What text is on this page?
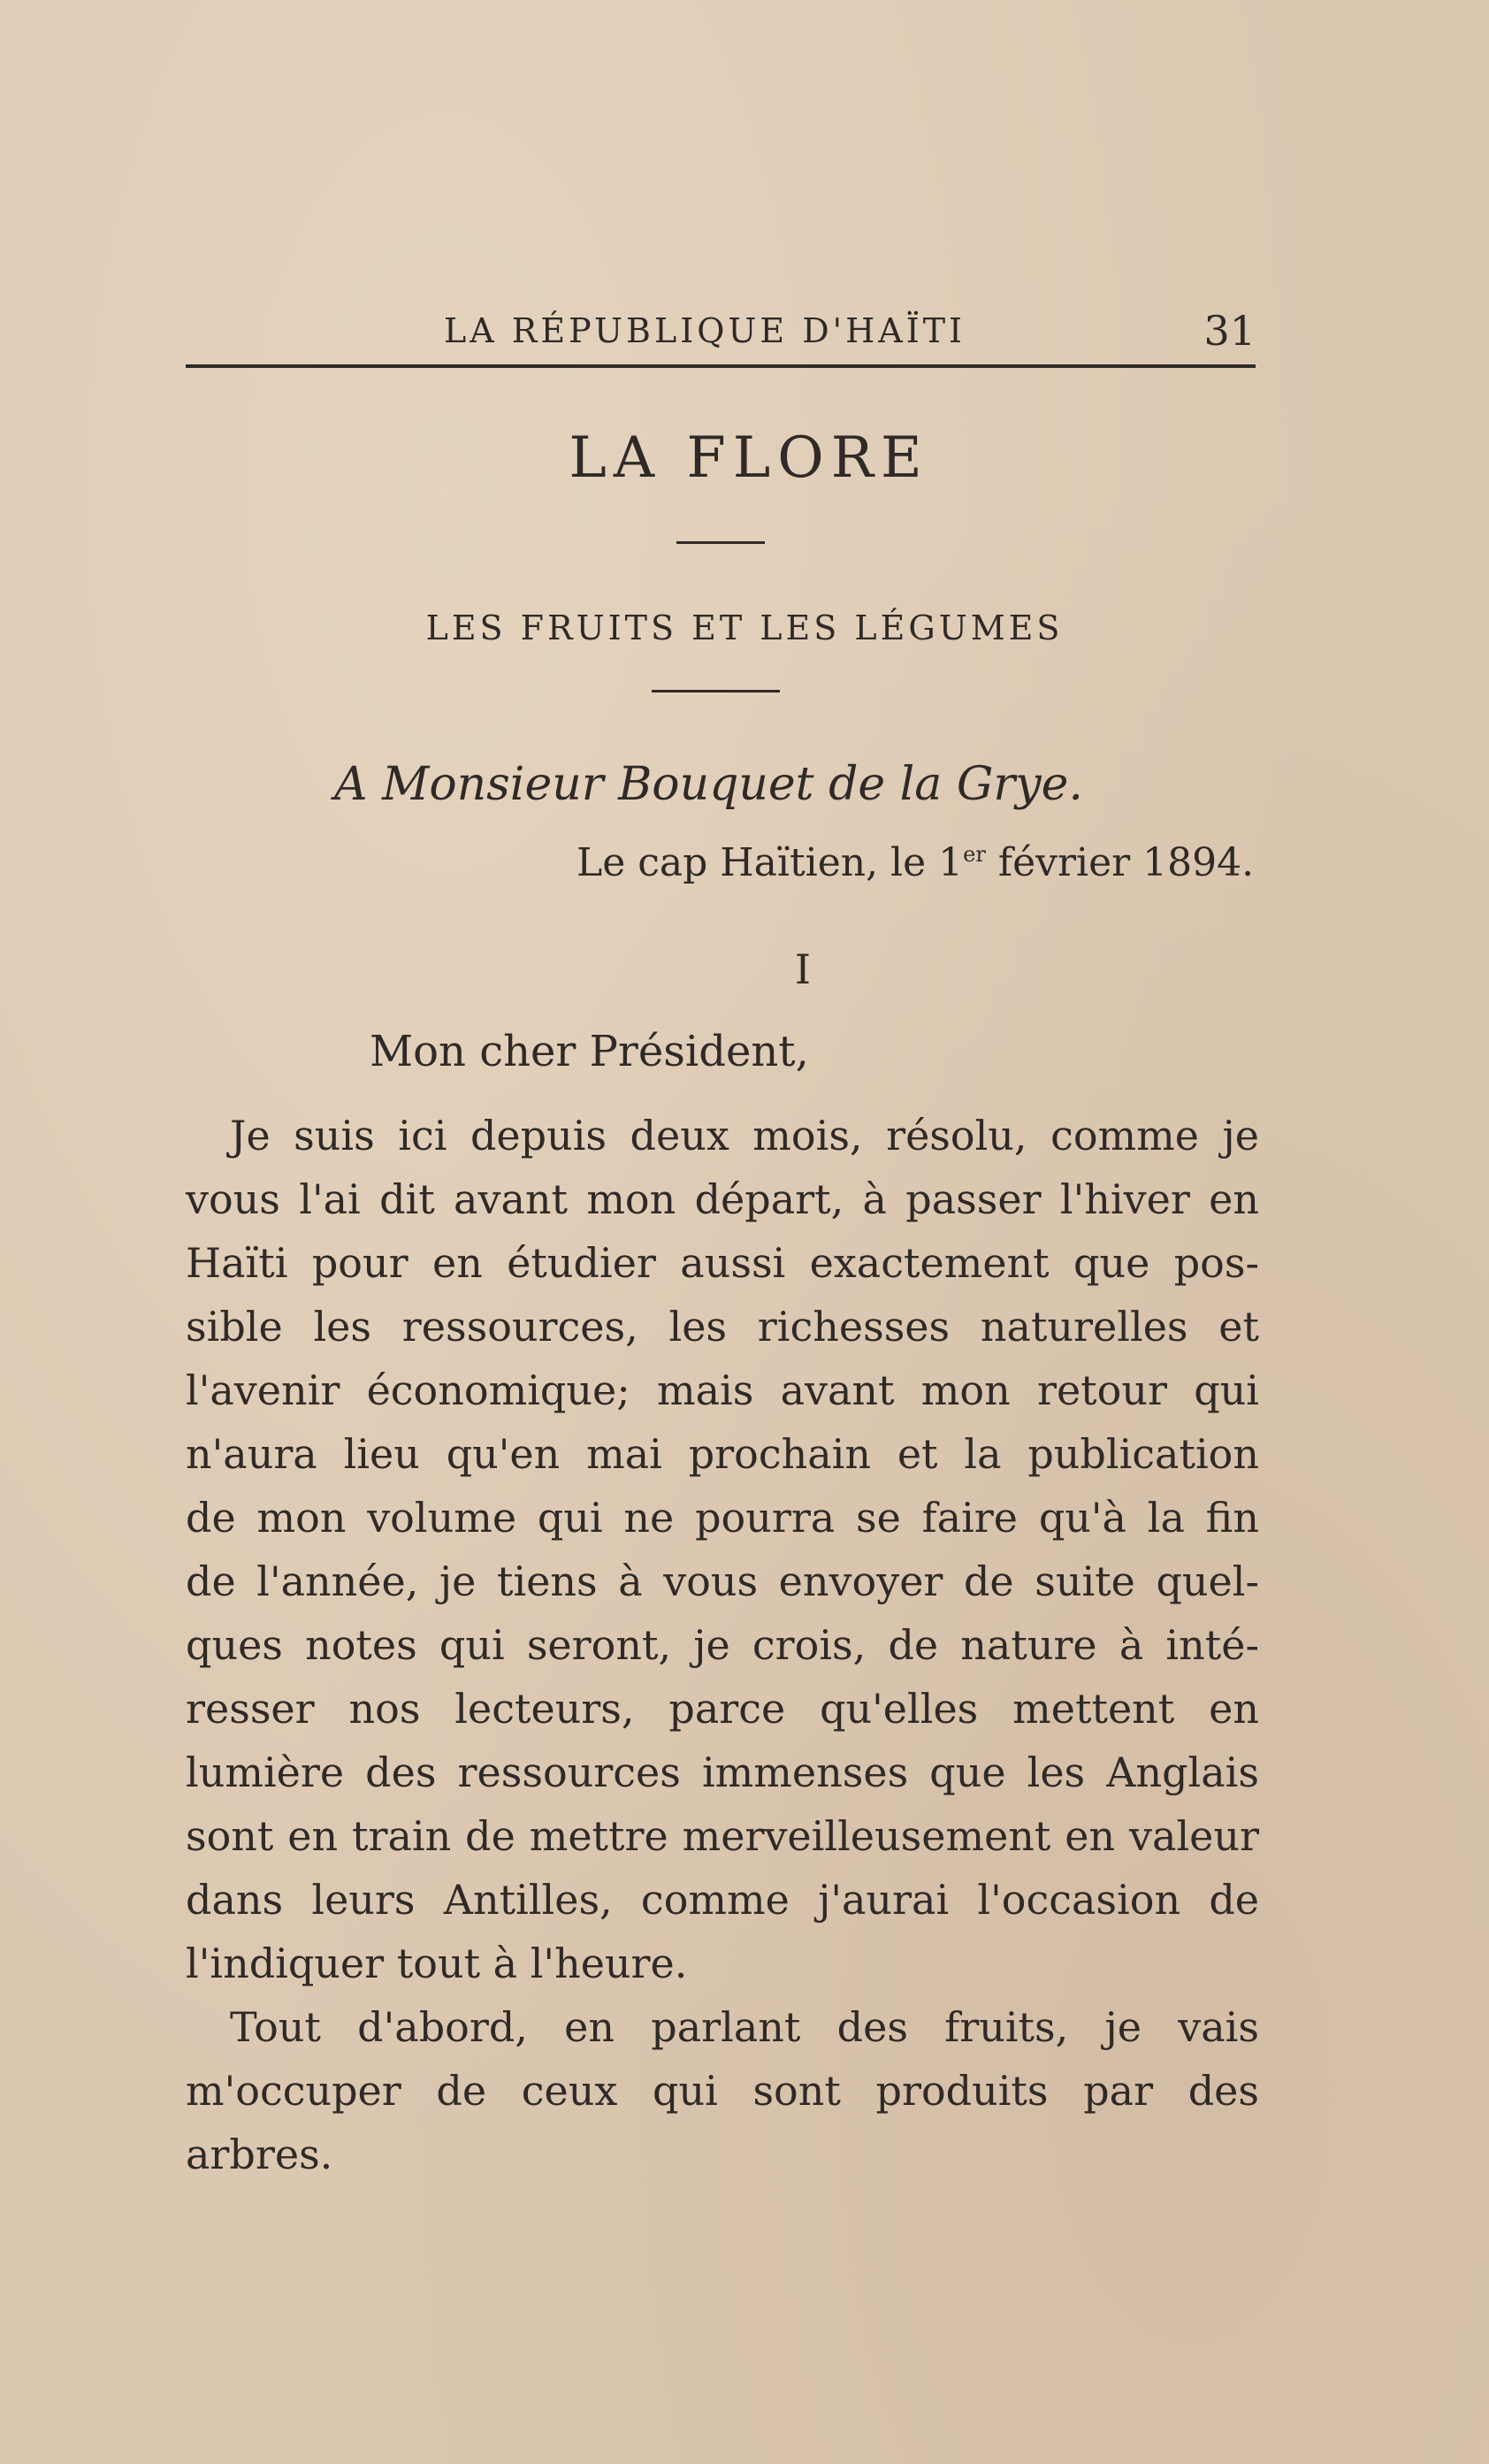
LA RÉPUBLIQUE D'HAÏTI	31
LA FLORE
LES FRUITS ET LES LÉGUMES
A Monsieur Bouquet de la Grye.
Le cap Haïtien, le 1er février 1894.
I
Mon cher Président,
Je suis ici depuis deux mois, résolu, comme je
vous l'ai dit avant mon départ, à passer l'hiver en
Haïti pour en étudier aussi exactement que pos-
sible les ressources, les richesses naturelles et
l'avenir économique; mais avant mon retour qui
n'aura lieu qu'en mai prochain et la publication
de mon volume qui ne pourra se faire qu'à la fin
de l'année, je tiens à vous envoyer de suite quel-
ques notes qui seront, je crois, de nature à inté-
resser nos lecteurs, parce qu'elles mettent en
lumière des ressources immenses que les Anglais
sont en train de mettre merveilleusement en valeur
dans leurs Antilles, comme j'aurai l'occasion de
l'indiquer tout à l'heure.
Tout d'abord, en parlant des fruits, je vais
m'occuper de ceux qui sont produits par des
arbres.
